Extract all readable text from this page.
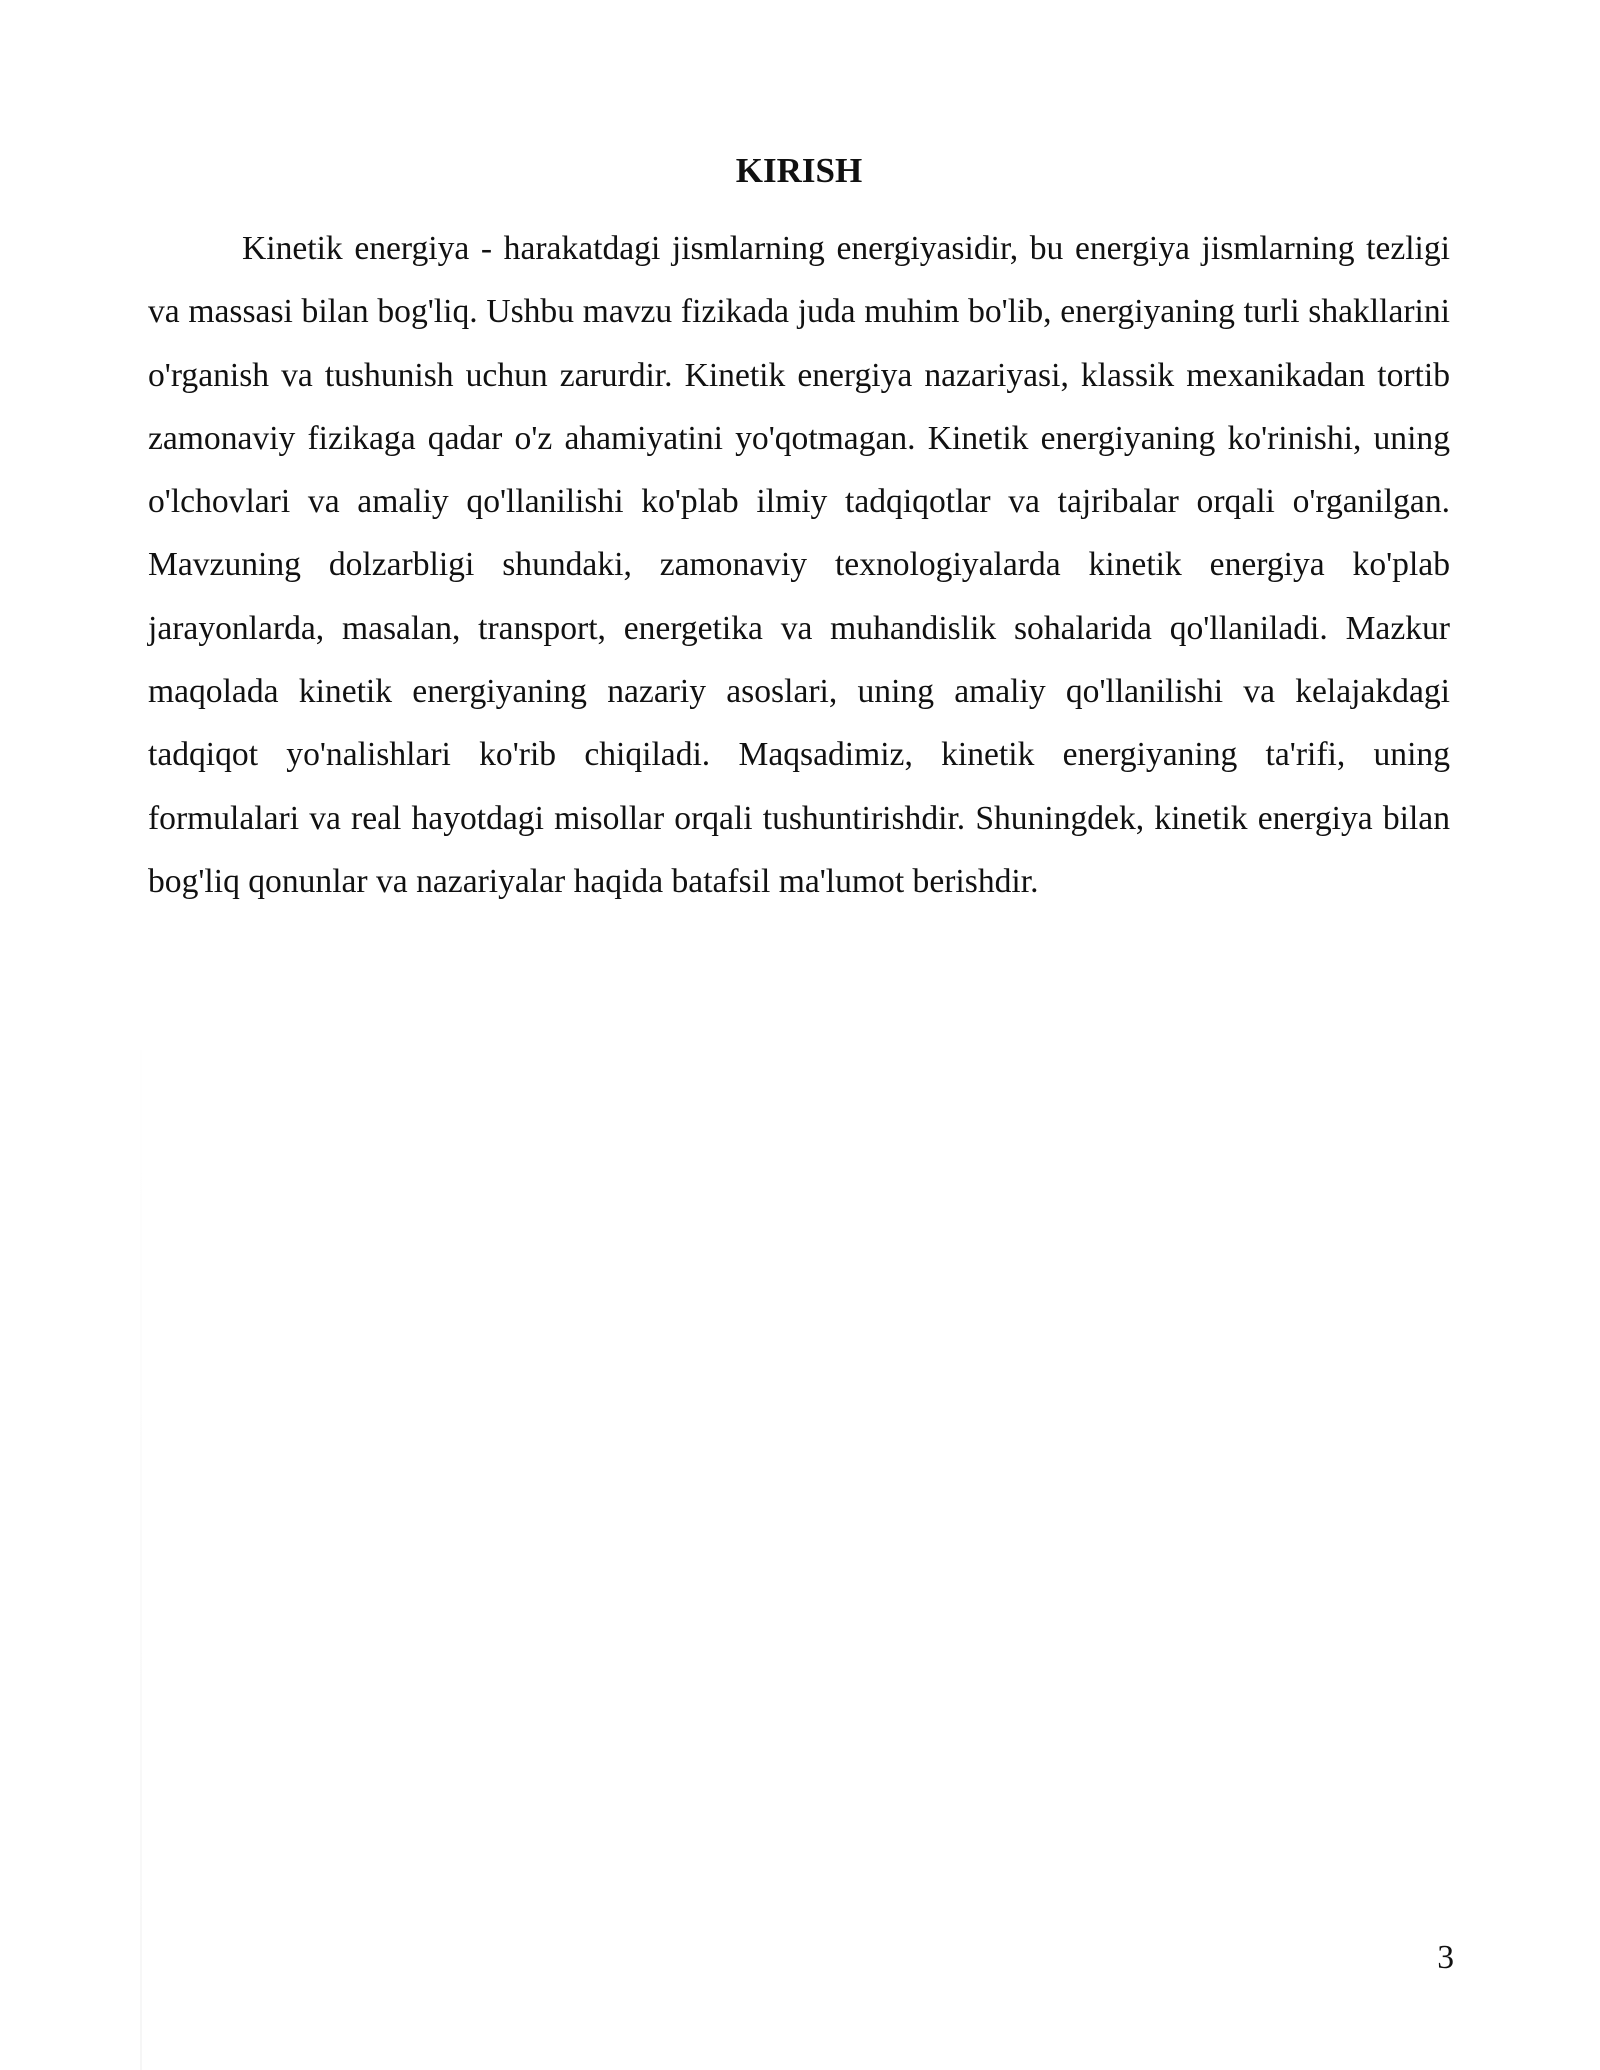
KIRISH

Kinetik energiya - harakatdagi jismlarning energiyasidir, bu energiya jismlarning tezligi va massasi bilan bog'liq. Ushbu mavzu fizikada juda muhim bo'lib, energiyaning turli shakllarini o'rganish va tushunish uchun zarurdir. Kinetik energiya nazariyasi, klassik mexanikadan tortib zamonaviy fizikaga qadar o'z ahamiyatini yo'qotmagan. Kinetik energiyaning ko'rinishi, uning o'lchovlari va amaliy qo'llanilishi ko'plab ilmiy tadqiqotlar va tajribalar orqali o'rganilgan. Mavzuning dolzarbligi shundaki, zamonaviy texnologiyalarda kinetik energiya ko'plab jarayonlarda, masalan, transport, energetika va muhandislik sohalarida qo'llaniladi. Mazkur maqolada kinetik energiyaning nazariy asoslari, uning amaliy qo'llanilishi va kelajakdagi tadqiqot yo'nalishlari ko'rib chiqiladi. Maqsadimiz, kinetik energiyaning ta'rifi, uning formulalari va real hayotdagi misollar orqali tushuntirishdir. Shuningdek, kinetik energiya bilan bog'liq qonunlar va nazariyalar haqida batafsil ma'lumot berishdir.

3
